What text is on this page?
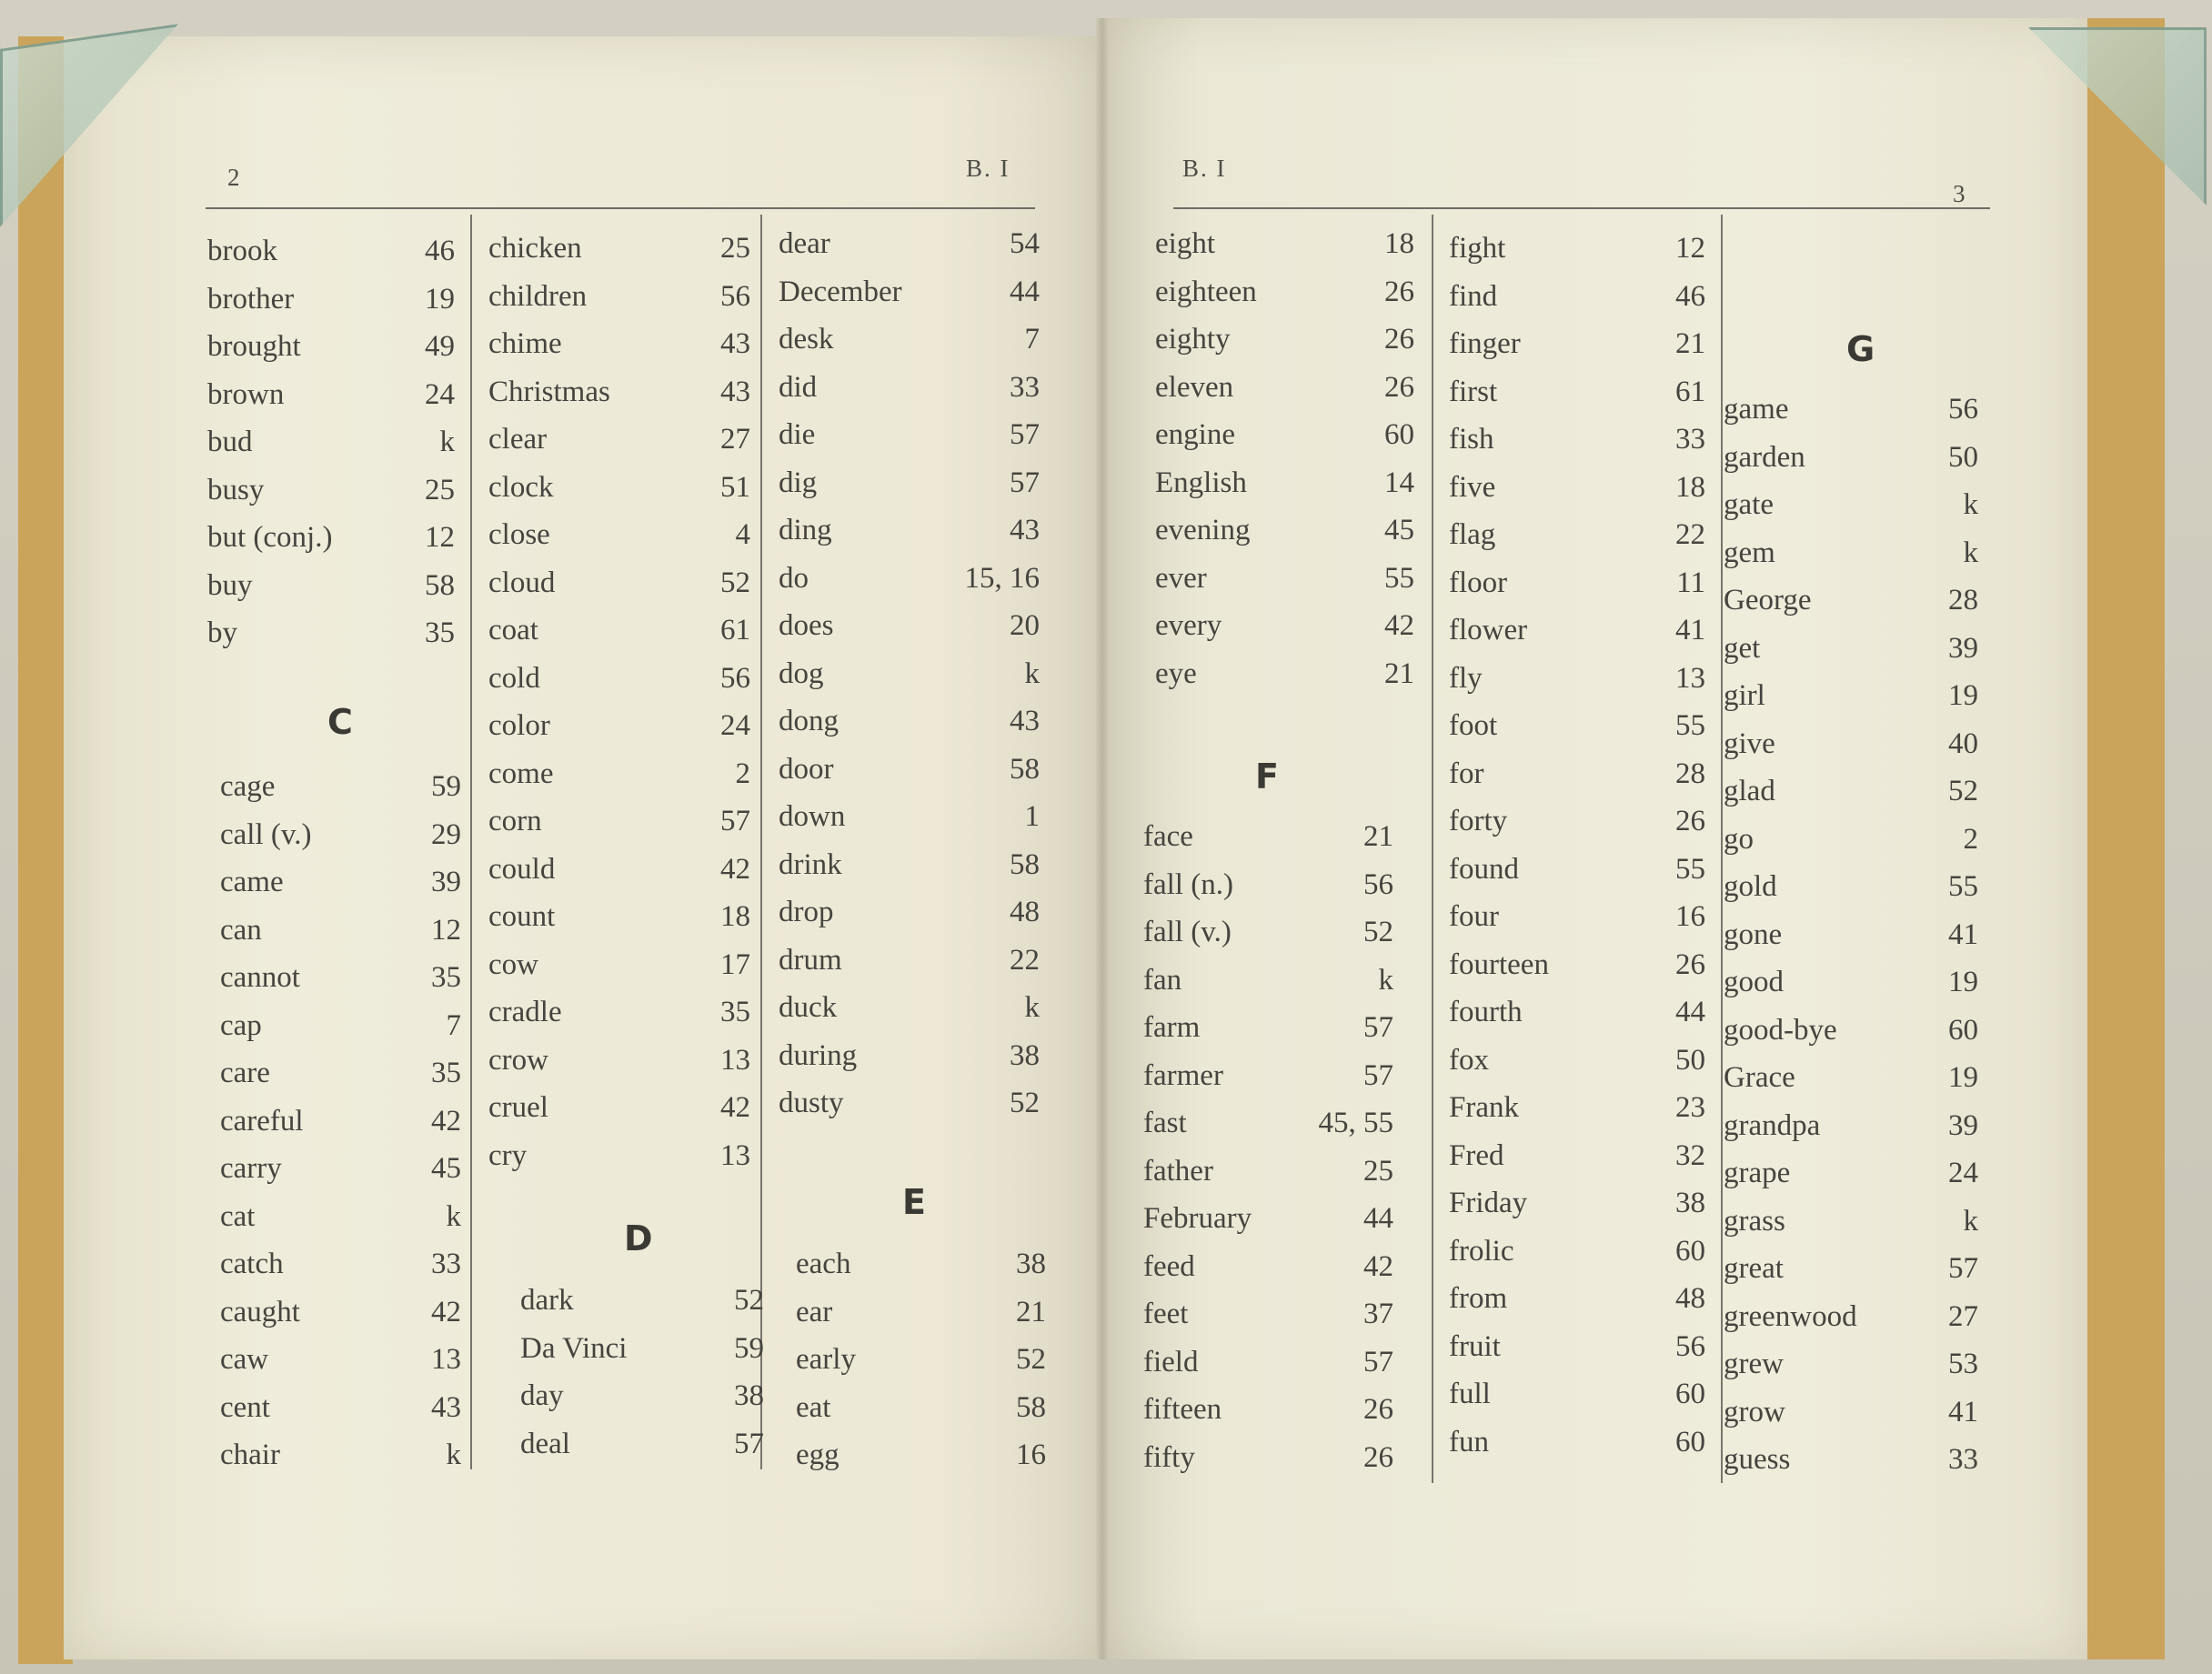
2	B. I	B. I
3
brook	46
brother	19
brought	49
brown	24
bud	k
busy	25
but (conj.)	12
buy	58
by	35
C
cage	59
call (v.)	29
came	39
can	12
cannot	35
cap	7
care	35
careful	42
carry	45
cat	k
catch	33
caught	42
caw	13
cent	43
chair	k
chicken	25
children	56
chime	43
Christmas	43
clear	27
clock	51
close	4
cloud	52
coat	61
cold	56
color	24
come	2
corn	57
could	42
count	18
cow	17
cradle	35
crow	13
cruel	42
cry	13
D
dark	52
Da Vinci	59
day	38
deal	57
dear	54
December	44
desk	7
did	33
die	57
dig	57
ding	43
do	15, 16
does	20
dog	k
dong	43
door	58
down	1
drink	58
drop	48
drum	22
duck	k
during	38
dusty	52
E
each	38
ear	21
early	52
eat	58
egg	16
eight	18
eighteen	26
eighty	26
eleven	26
engine	60
English	14
evening	45
ever	55
every	42
eye	21
F
face	21
fall (n.)	56
fall (v.)	52
fan	k
farm	57
farmer	57
fast	45, 55
father	25
February	44
feed	42
feet	37
field	57
fifteen	26
fifty	26
fight	12
find	46
finger	21
first	61
fish	33
five	18
flag	22
floor	11
flower	41
fly	13
foot	55
for	28
forty	26
found	55
four	16
fourteen	26
fourth	44
fox	50
Frank	23
Fred	32
Friday	38
frolic	60
from	48
fruit	56
full	60
fun	60
G
game	56
garden	50
gate	k
gem	k
George	28
get	39
girl	19
give	40
glad	52
go	2
gold	55
gone	41
good	19
good-bye	60
Grace	19
grandpa	39
grape	24
grass	k
great	57
greenwood	27
grew	53
grow	41
guess	33
